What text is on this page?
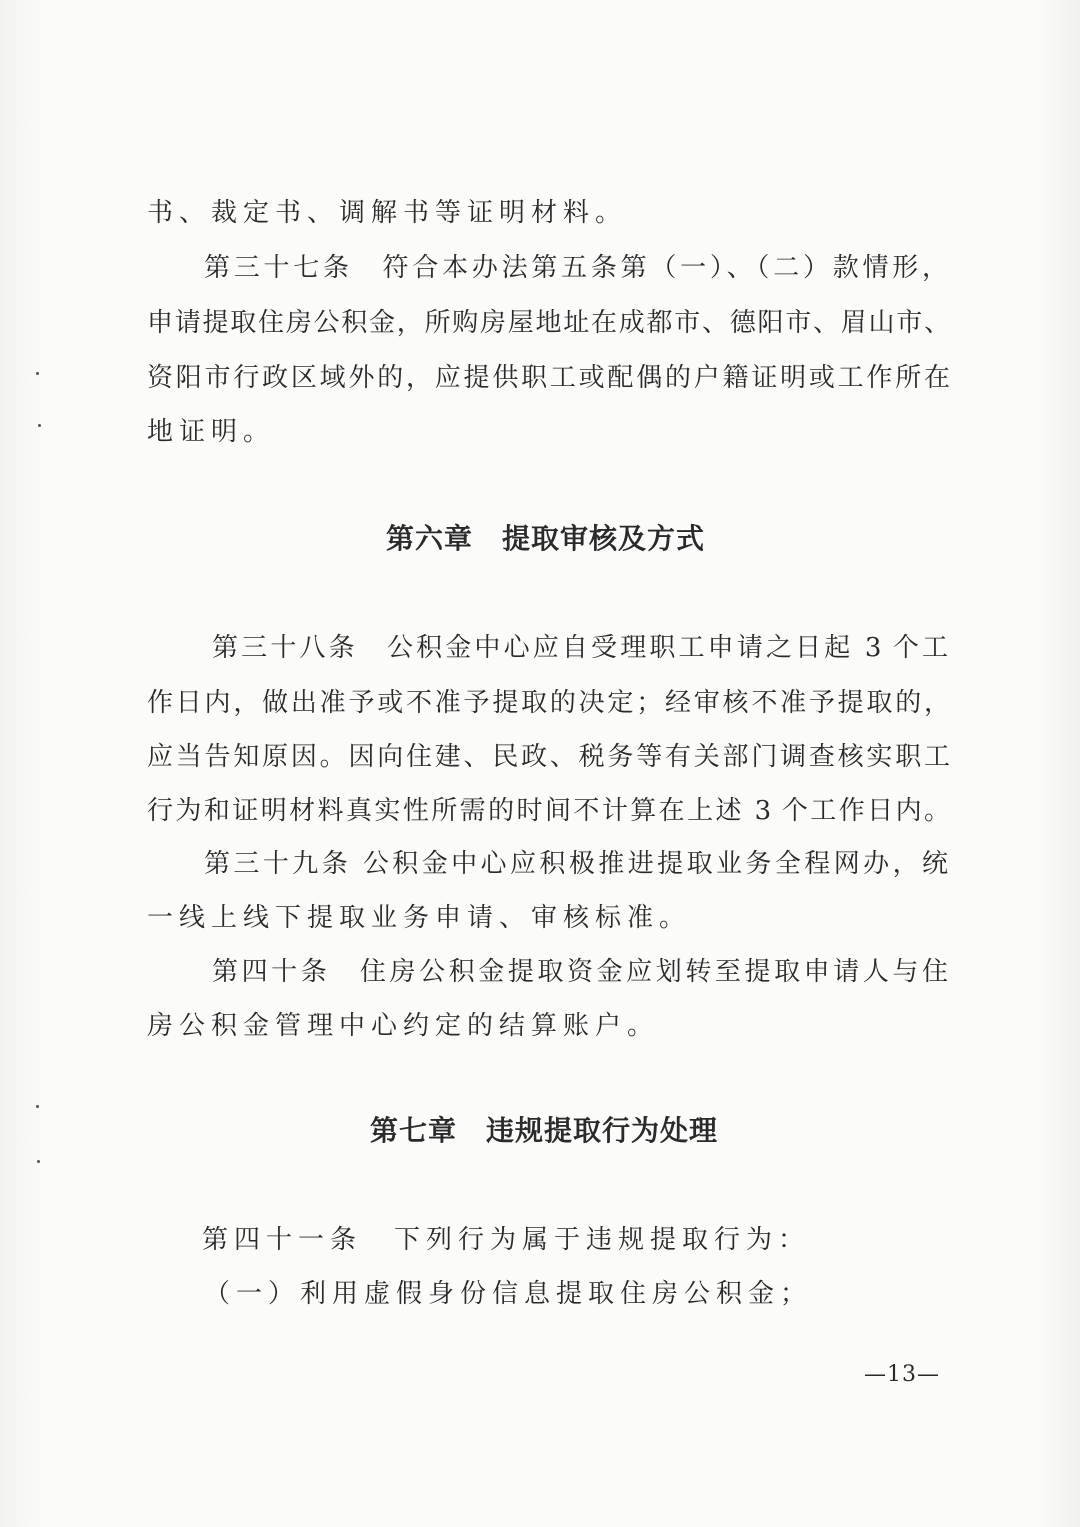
书、裁定书、调解书等证明材料。
第三十七条　符合本办法第五条第（一）、（二）款情形，
申请提取住房公积金，所购房屋地址在成都市、德阳市、眉山市、
资阳市行政区域外的，应提供职工或配偶的户籍证明或工作所在
地证明。
第六章　提取审核及方式
第三十八条　公积金中心应自受理职工申请之日起 3 个工
作日内，做出准予或不准予提取的决定；经审核不准予提取的，
应当告知原因。因向住建、民政、税务等有关部门调查核实职工
行为和证明材料真实性所需的时间不计算在上述 3 个工作日内。
第三十九条 公积金中心应积极推进提取业务全程网办，统
一线上线下提取业务申请、审核标准。
第四十条　住房公积金提取资金应划转至提取申请人与住
房公积金管理中心约定的结算账户。
第七章　违规提取行为处理
第四十一条　下列行为属于违规提取行为：
（一）利用虚假身份信息提取住房公积金；
—13—
